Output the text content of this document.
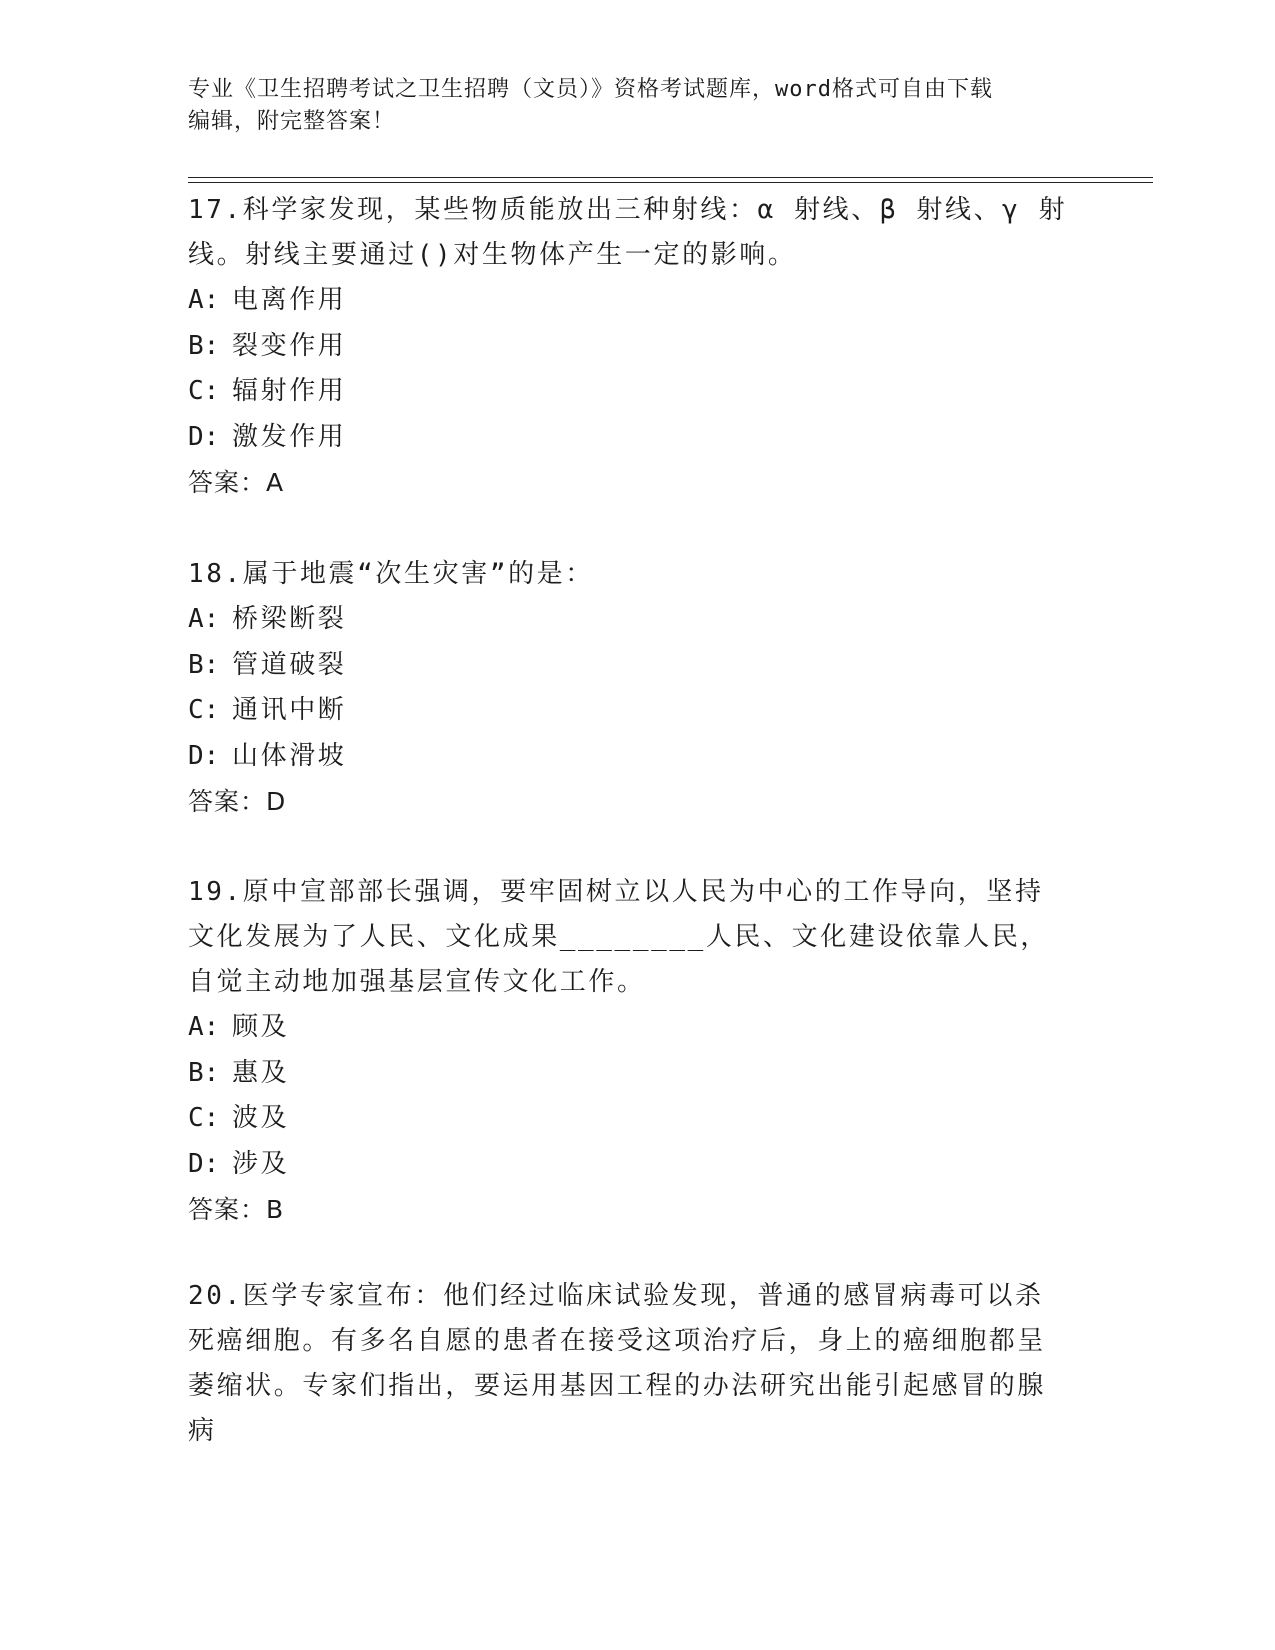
专业《卫生招聘考试之卫生招聘（文员）》资格考试题库，word格式可自由下载
编辑，附完整答案！

17.科学家发现，某些物质能放出三种射线：α 射线、β 射线、γ 射线。射线主要通过()对生物体产生一定的影响。

A: 电离作用

B: 裂变作用

C: 辐射作用

D: 激发作用

答案：A

18.属于地震“次生灾害”的是：

A: 桥梁断裂

B: 管道破裂

C: 通讯中断

D: 山体滑坡

答案：D

19.原中宣部部长强调，要牢固树立以人民为中心的工作导向，坚持文化发展为了人民、文化成果________人民、文化建设依靠人民，自觉主动地加强基层宣传文化工作。

A: 顾及

B: 惠及

C: 波及

D: 涉及

答案：B

20.医学专家宣布：他们经过临床试验发现，普通的感冒病毒可以杀死癌细胞。有多名自愿的患者在接受这项治疗后，身上的癌细胞都呈萎缩状。专家们指出，要运用基因工程的办法研究出能引起感冒的腺病
